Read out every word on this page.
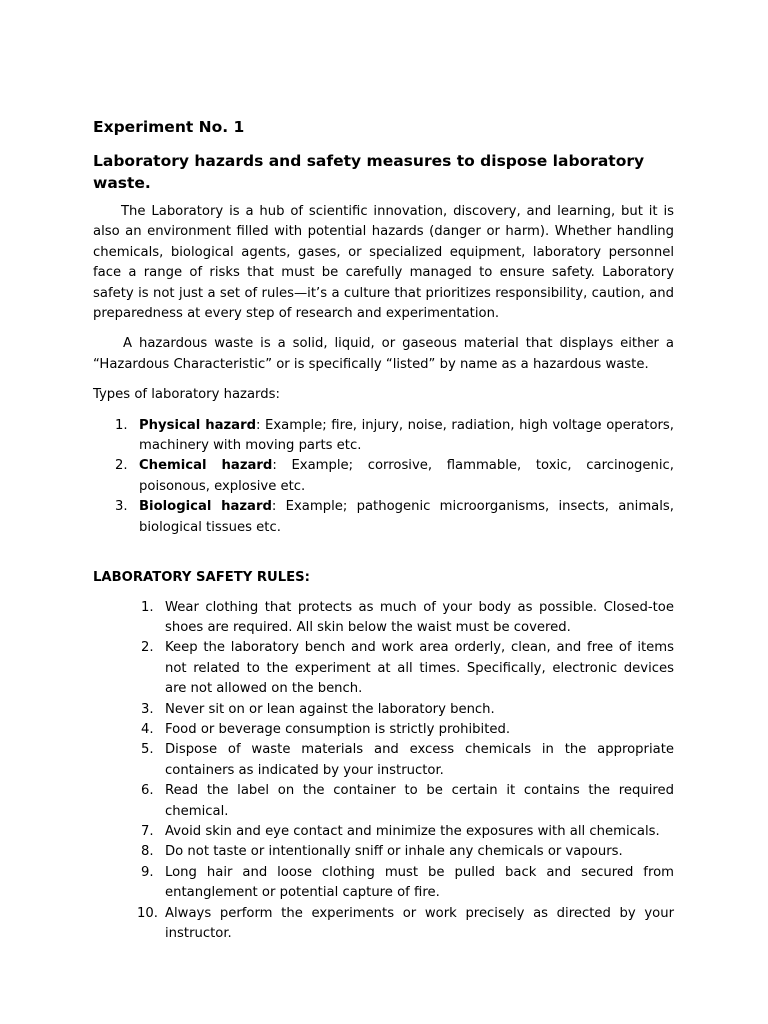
Experiment No. 1
Laboratory hazards and safety measures to dispose laboratory waste.

The Laboratory is a hub of scientific innovation, discovery, and learning, but it is also an environment filled with potential hazards (danger or harm). Whether handling chemicals, biological agents, gases, or specialized equipment, laboratory personnel face a range of risks that must be carefully managed to ensure safety. Laboratory safety is not just a set of rules—it’s a culture that prioritizes responsibility, caution, and preparedness at every step of research and experimentation.

A hazardous waste is a solid, liquid, or gaseous material that displays either a “Hazardous Characteristic” or is specifically “listed” by name as a hazardous waste.

Types of laboratory hazards:

1. Physical hazard: Example; fire, injury, noise, radiation, high voltage operators, machinery with moving parts etc.
2. Chemical hazard: Example; corrosive, flammable, toxic, carcinogenic, poisonous, explosive etc.
3. Biological hazard: Example; pathogenic microorganisms, insects, animals, biological tissues etc.

LABORATORY SAFETY RULES:

1. Wear clothing that protects as much of your body as possible. Closed-toe shoes are required. All skin below the waist must be covered.
2. Keep the laboratory bench and work area orderly, clean, and free of items not related to the experiment at all times. Specifically, electronic devices are not allowed on the bench.
3. Never sit on or lean against the laboratory bench.
4. Food or beverage consumption is strictly prohibited.
5. Dispose of waste materials and excess chemicals in the appropriate containers as indicated by your instructor.
6. Read the label on the container to be certain it contains the required chemical.
7. Avoid skin and eye contact and minimize the exposures with all chemicals.
8. Do not taste or intentionally sniff or inhale any chemicals or vapours.
9. Long hair and loose clothing must be pulled back and secured from entanglement or potential capture of fire.
10. Always perform the experiments or work precisely as directed by your instructor.
